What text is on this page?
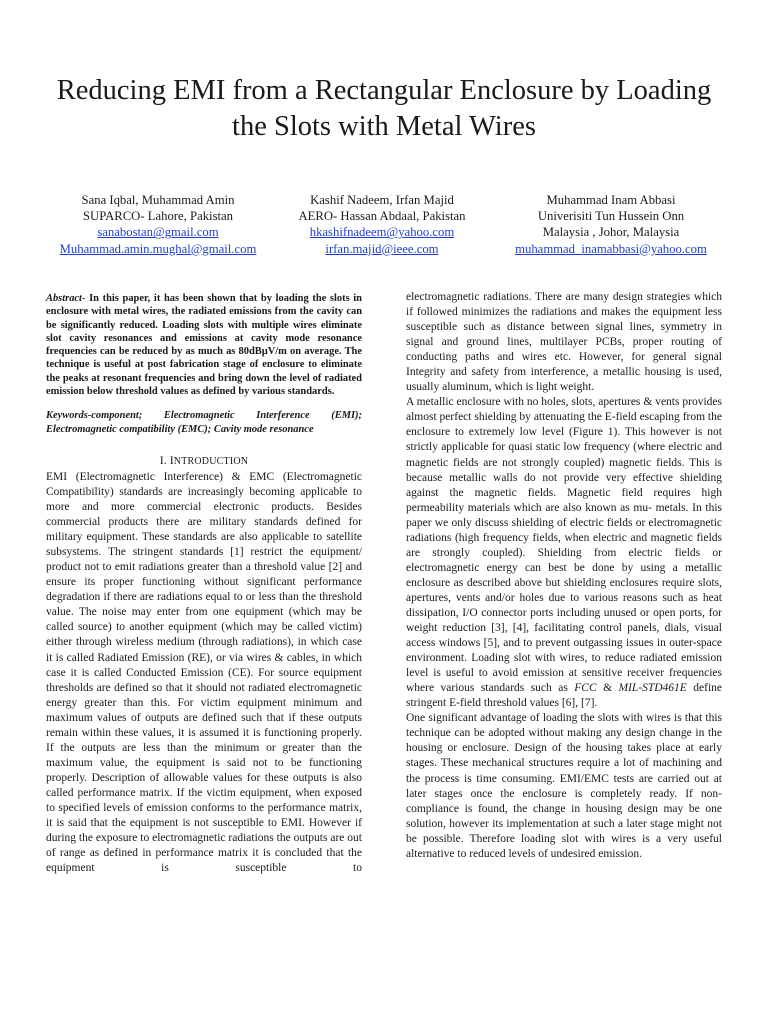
Reducing EMI from a Rectangular Enclosure by Loading the Slots with Metal Wires
Sana Iqbal, Muhammad Amin
SUPARCO- Lahore, Pakistan
sanabostan@gmail.com
Muhammad.amin.mughal@gmail.com
Kashif Nadeem, Irfan Majid
AERO- Hassan Abdaal, Pakistan
hkashifnadeem@yahoo.com
irfan.majid@ieee.com
Muhammad Inam Abbasi
Univerisiti Tun Hussein Onn
Malaysia , Johor, Malaysia
muhammad_inamabbasi@yahoo.com

Abstract- In this paper, it has been shown that by loading the slots in enclosure with metal wires, the radiated emissions from the cavity can be significantly reduced. Loading slots with multiple wires eliminate slot cavity resonances and emissions at cavity mode resonance frequencies can be reduced by as much as 80dBµV/m on average. The technique is useful at post fabrication stage of enclosure to eliminate the peaks at resonant frequencies and bring down the level of radiated emission below threshold values as defined by various standards.

Keywords-component; Electromagnetic Interference (EMI); Electromagnetic compatibility (EMC); Cavity mode resonance

I. INTRODUCTION

EMI (Electromagnetic Interference) & EMC (Electromagnetic Compatibility) standards are increasingly becoming applicable to more and more commercial electronic products. Besides commercial products there are military standards defined for military equipment. These standards are also applicable to satellite subsystems. The stringent standards [1] restrict the equipment/ product not to emit radiations greater than a threshold value [2] and ensure its proper functioning without significant performance degradation if there are radiations equal to or less than the threshold value. The noise may enter from one equipment (which may be called source) to another equipment (which may be called victim) either through wireless medium (through radiations), in which case it is called Radiated Emission (RE), or via wires & cables, in which case it is called Conducted Emission (CE). For source equipment thresholds are defined so that it should not radiated electromagnetic energy greater than this. For victim equipment minimum and maximum values of outputs are defined such that if these outputs remain within these values, it is assumed it is functioning properly. If the outputs are less than the minimum or greater than the maximum value, the equipment is said not to be functioning properly. Description of allowable values for these outputs is also called performance matrix. If the victim equipment, when exposed to specified levels of emission conforms to the performance matrix, it is said that the equipment is not susceptible to EMI. However if during the exposure to electromagnetic radiations the outputs are out of range as defined in performance matrix it is concluded that the equipment is susceptible to

electromagnetic radiations. There are many design strategies which if followed minimizes the radiations and makes the equipment less susceptible such as distance between signal lines, symmetry in signal and ground lines, multilayer PCBs, proper routing of conducting paths and wires etc. However, for general signal Integrity and safety from interference, a metallic housing is used, usually aluminum, which is light weight.

A metallic enclosure with no holes, slots, apertures & vents provides almost perfect shielding by attenuating the E-field escaping from the enclosure to extremely low level (Figure 1). This however is not strictly applicable for quasi static low frequency (where electric and magnetic fields are not strongly coupled) magnetic fields. This is because metallic walls do not provide very effective shielding against the magnetic fields. Magnetic field requires high permeability materials which are also known as mu- metals. In this paper we only discuss shielding of electric fields or electromagnetic radiations (high frequency fields, when electric and magnetic fields are strongly coupled). Shielding from electric fields or electromagnetic energy can best be done by using a metallic enclosure as described above but shielding enclosures require slots, apertures, vents and/or holes due to various reasons such as heat dissipation, I/O connector ports including unused or open ports, for weight reduction [3], [4], facilitating control panels, dials, visual access windows [5], and to prevent outgassing issues in outer-space environment. Loading slot with wires, to reduce radiated emission level is useful to avoid emission at sensitive receiver frequencies where various standards such as FCC & MIL-STD461E define stringent E-field threshold values [6], [7].

One significant advantage of loading the slots with wires is that this technique can be adopted without making any design change in the housing or enclosure. Design of the housing takes place at early stages. These mechanical structures require a lot of machining and the process is time consuming. EMI/EMC tests are carried out at later stages once the enclosure is completely ready. If non-compliance is found, the change in housing design may be one solution, however its implementation at such a later stage might not be possible. Therefore loading slot with wires is a very useful alternative to reduced levels of undesired emission.
